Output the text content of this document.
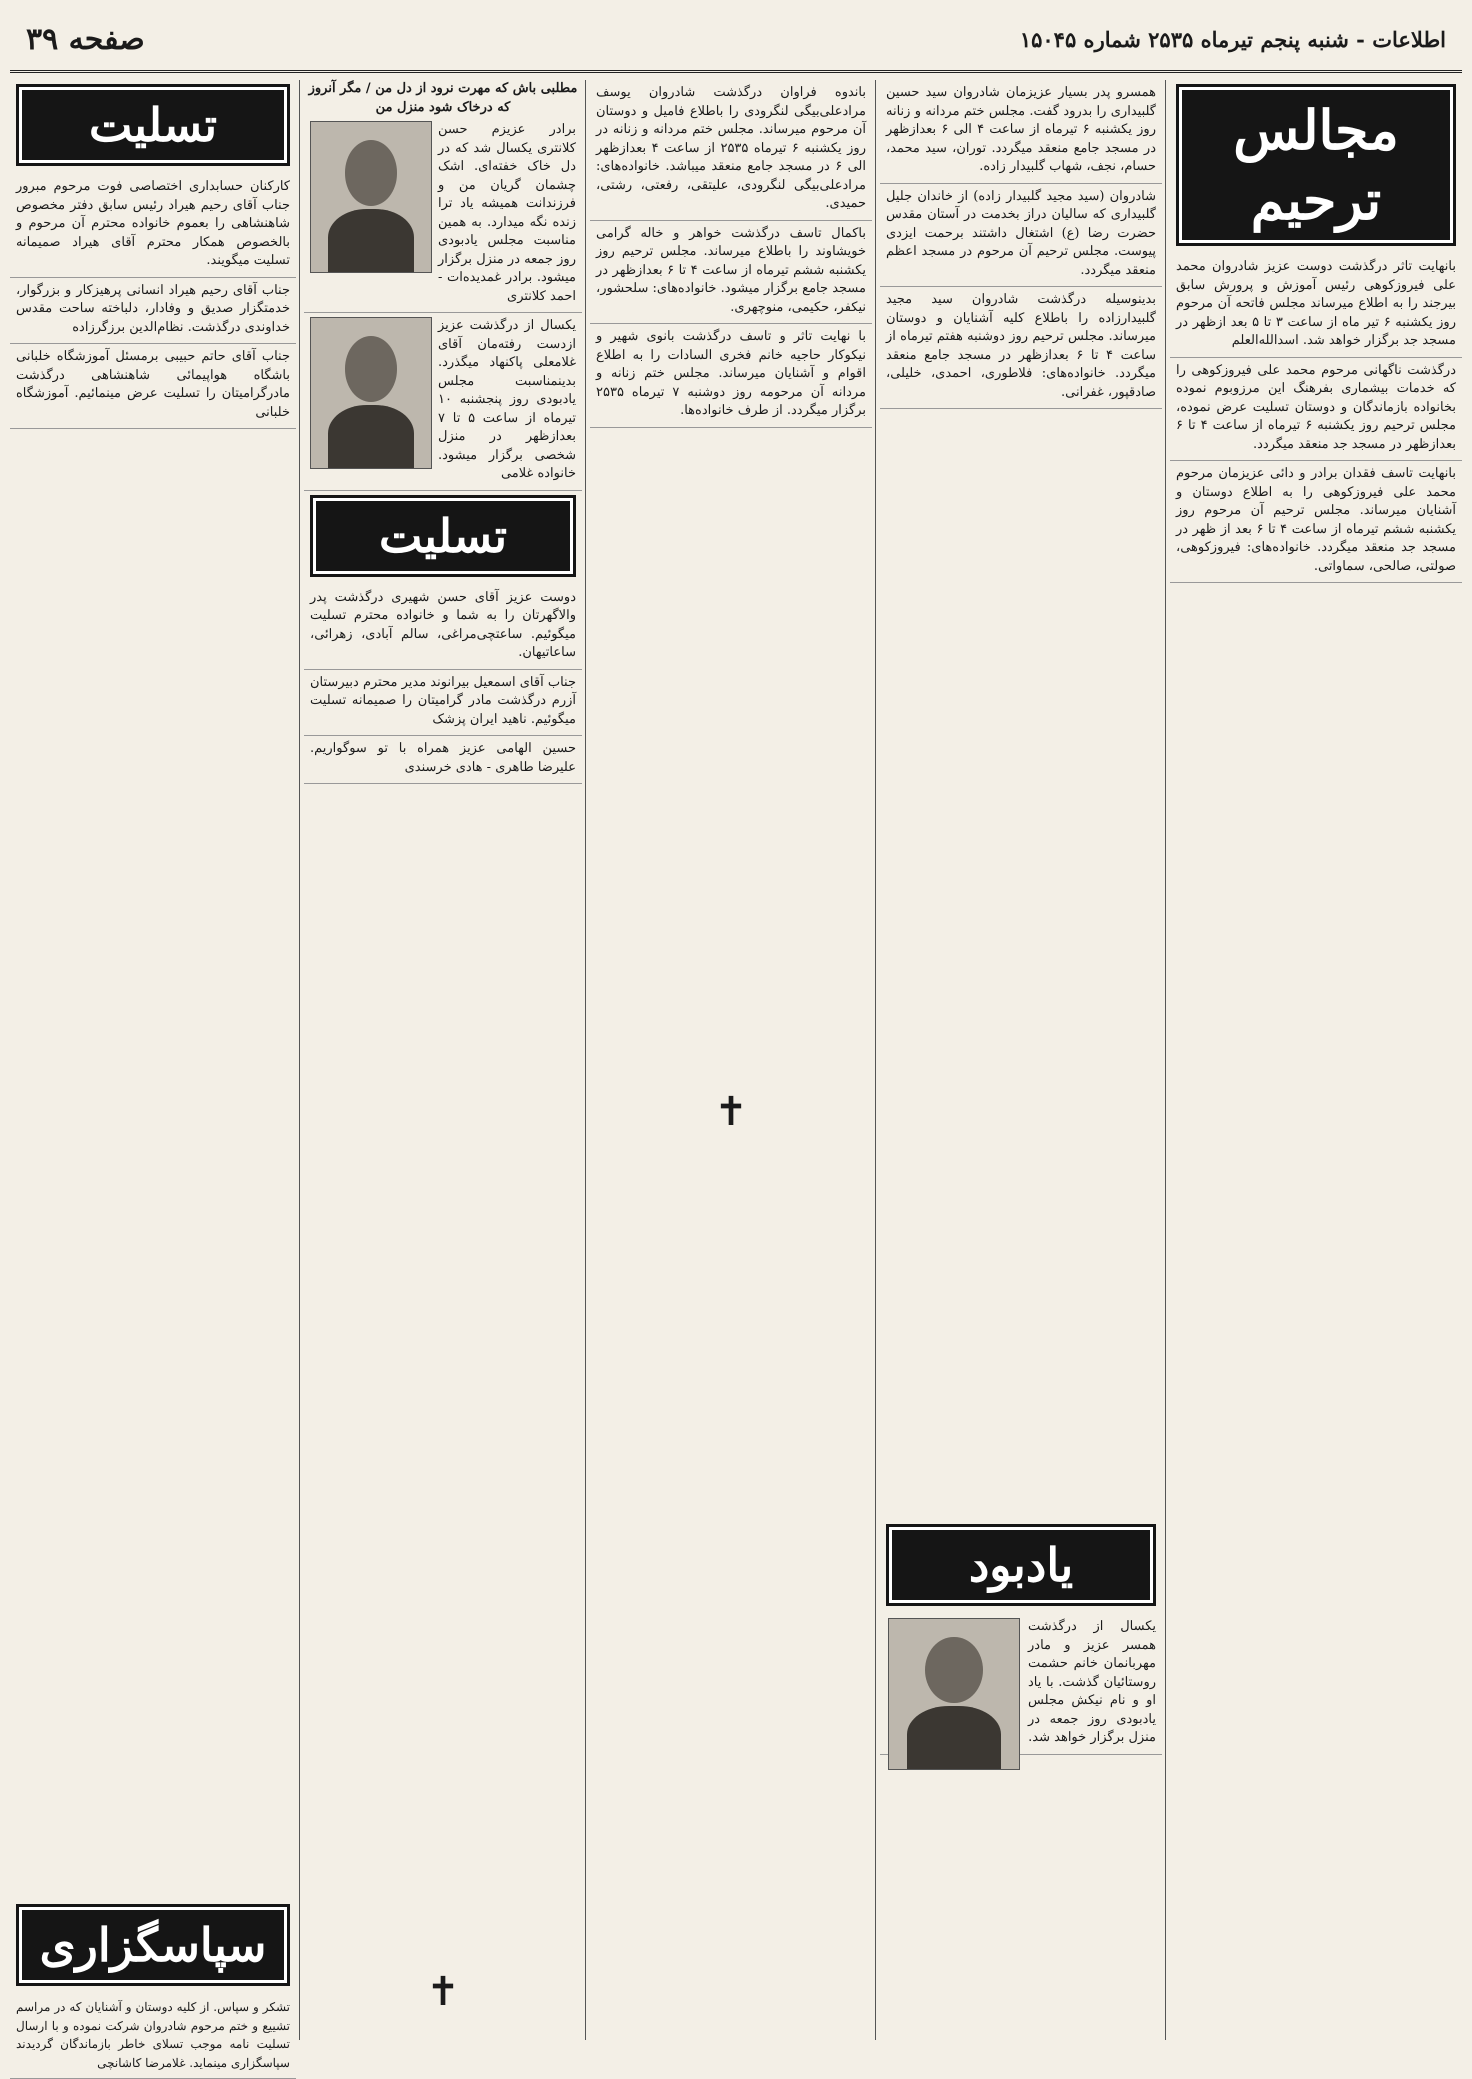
اطلاعات - شنبه پنجم تیرماه ۲۵۳۵ شماره ۱۵۰۴۵
صفحه ۳۹
مجالس ترحیم
بانهایت تاثر درگذشت دوست عزیز شادروان محمد علی فیروزکوهی رئیس آموزش و پرورش سابق بیرجند را به اطلاع میرساند مجلس فاتحه آن مرحوم روز یکشنبه ۶ تیر ماه از ساعت ۳ تا ۵ بعد ازظهر در مسجد جد برگزار خواهد شد. اسدالله‌العلم
درگذشت ناگهانی مرحوم محمد علی فیروزکوهی را که خدمات بیشماری بفرهنگ این مرزوبوم نموده بخانواده بازماندگان و دوستان تسلیت عرض نموده، مجلس ترحیم روز یکشنبه ۶ تیرماه از ساعت ۴ تا ۶ بعدازظهر در مسجد جد منعقد میگردد.
بانهایت تاسف فقدان برادر و دائی عزیزمان مرحوم محمد علی فیروزکوهی را به اطلاع دوستان و آشنایان میرساند. مجلس ترحیم آن مرحوم روز یکشنبه ششم تیرماه از ساعت ۴ تا ۶ بعد از ظهر در مسجد جد منعقد میگردد. خانواده‌های: فیروزکوهی، صولتی، صالحی، سماواتی.
همسرو پدر بسیار عزیزمان شادروان سید حسین گلبیداری را بدرود گفت. مجلس ختم مردانه و زنانه روز یکشنبه ۶ تیرماه از ساعت ۴ الی ۶ بعدازظهر در مسجد جامع منعقد میگردد. توران، سید محمد، حسام، نجف، شهاب گلبیدار زاده.
شادروان (سید مجید گلبیدار زاده) از خاندان جلیل گلبیداری که سالیان دراز بخدمت در آستان مقدس حضرت رضا (ع) اشتغال داشتند برحمت ایزدی پیوست. مجلس ترحیم آن مرحوم در مسجد اعظم منعقد میگردد.
بدینوسیله درگذشت شادروان سید مجید گلبیدارزاده را باطلاع کلیه آشنایان و دوستان میرساند. مجلس ترحیم روز دوشنبه هفتم تیرماه از ساعت ۴ تا ۶ بعدازظهر در مسجد جامع منعقد میگردد. خانواده‌های: فلاطوری، احمدی، خلیلی، صادقپور، غفرانی.
یادبود
یکسال از درگذشت همسر عزیز و مادر مهربانمان خانم حشمت روستائیان گذشت. با یاد او و نام نیکش مجلس یادبودی روز جمعه در منزل برگزار خواهد شد.
باندوه فراوان درگذشت شادروان یوسف مرادعلی‌بیگی لنگرودی را باطلاع فامیل و دوستان آن مرحوم میرساند. مجلس ختم مردانه و زنانه در روز یکشنبه ۶ تیرماه ۲۵۳۵ از ساعت ۴ بعدازظهر الی ۶ در مسجد جامع منعقد میباشد. خانواده‌های: مرادعلی‌بیگی لنگرودی، علیتقی، رفعتی، رشتی، حمیدی.
باکمال تاسف درگذشت خواهر و خاله گرامی خویشاوند را باطلاع میرساند. مجلس ترحیم روز یکشنبه ششم تیرماه از ساعت ۴ تا ۶ بعدازظهر در مسجد جامع برگزار میشود. خانواده‌های: سلحشور، نیکفر، حکیمی، منوچهری.
با نهایت تاثر و تاسف درگذشت بانوی شهیر و نیکوکار حاجیه خانم فخری السادات را به اطلاع اقوام و آشنایان میرساند. مجلس ختم زنانه و مردانه آن مرحومه روز دوشنبه ۷ تیرماه ۲۵۳۵ برگزار میگردد. از طرف خانواده‌ها.
✝
مطلبی باش که مهرت نرود از دل من / مگر آنروز که درخاک شود منزل من
برادر عزیزم حسن کلانتری یکسال شد که در دل خاک خفته‌ای. اشک چشمان گریان من و فرزندانت همیشه یاد ترا زنده نگه میدارد. به همین مناسبت مجلس یادبودی روز جمعه در منزل برگزار میشود. برادر غمدیده‌ات - احمد کلانتری
یکسال از درگذشت عزیز ازدست رفته‌مان آقای غلامعلی پاکنهاد میگذرد. بدینمناسبت مجلس یادبودی روز پنجشنبه ۱۰ تیرماه از ساعت ۵ تا ۷ بعدازظهر در منزل شخصی برگزار میشود. خانواده غلامی
تسلیت
دوست عزیز آقای حسن شهیری درگذشت پدر والاگهرتان را به شما و خانواده محترم تسلیت میگوئیم. ساعتچی‌مراغی، سالم آبادی، زهرائی، ساعاتیهان.
جناب آقای اسمعیل بیرانوند مدیر محترم دبیرستان آزرم درگذشت مادر گرامیتان را صمیمانه تسلیت میگوئیم. ناهید ایران پزشک
حسین الهامی عزیز همراه با تو سوگواریم. علیرضا طاهری - هادی خرسندی
✝
تسلیت
کارکنان حسابداری اختصاصی فوت مرحوم مبرور جناب آقای رحیم هیراد رئیس سابق دفتر مخصوص شاهنشاهی را بعموم خانواده محترم آن مرحوم و بالخصوص همکار محترم آقای هیراد صمیمانه تسلیت میگویند.
جناب آقای رحیم هیراد انسانی پرهیزکار و بزرگوار، خدمتگزار صدیق و وفادار، دلباخته ساحت مقدس خداوندی درگذشت. نظام‌الدین برزگرزاده
جناب آقای حاتم حبیبی برمسئل آموزشگاه خلبانی باشگاه هواپیمائی شاهنشاهی درگذشت مادرگرامیتان را تسلیت عرض مینمائیم. آموزشگاه خلبانی
سپاسگزاری
تشکر و سپاس. از کلیه دوستان و آشنایان که در مراسم تشییع و ختم مرحوم شادروان شرکت نموده و با ارسال تسلیت نامه موجب تسلای خاطر بازماندگان گردیدند سپاسگزاری مینماید. غلامرضا کاشانچی
